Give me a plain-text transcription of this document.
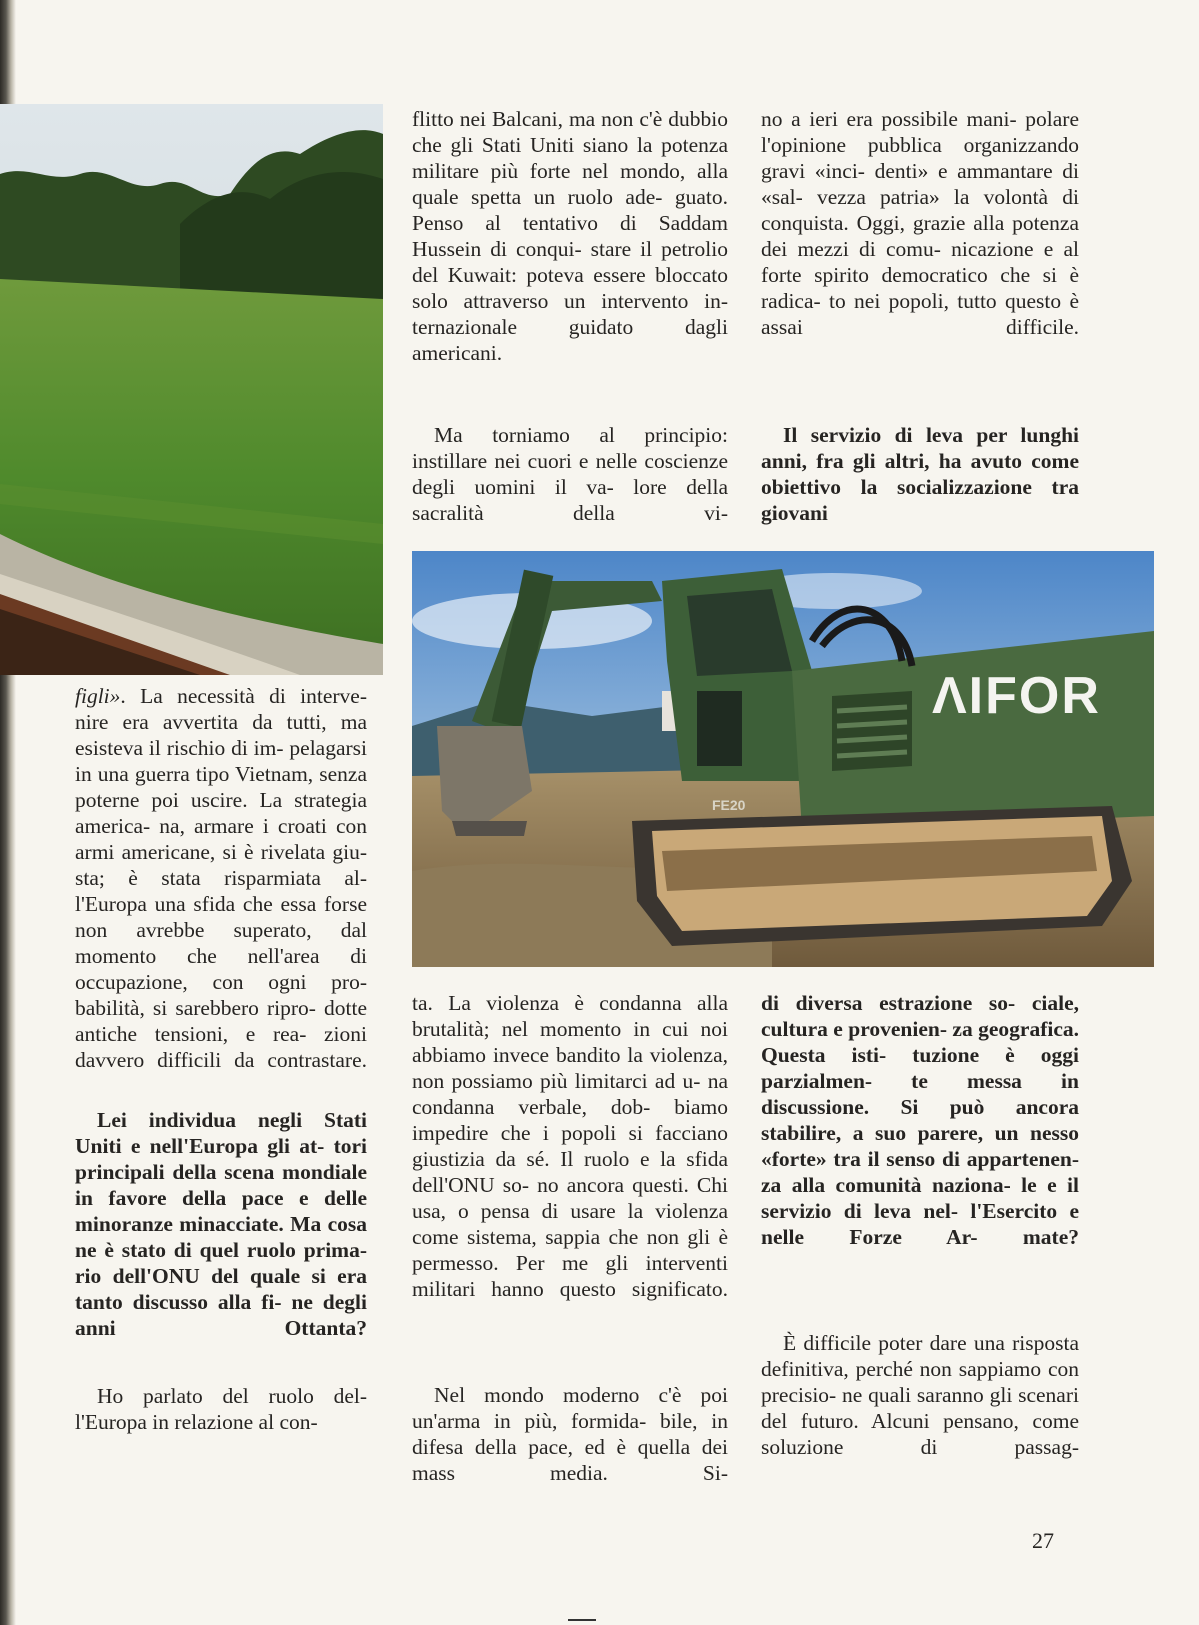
ΛIFOR
FE20

figli». La necessità di interve- nire era avvertita da tutti, ma esisteva il rischio di im- pelagarsi in una guerra tipo Vietnam, senza poterne poi uscire. La strategia america- na, armare i croati con armi americane, si è rivelata giu- sta; è stata risparmiata al- l'Europa una sfida che essa forse non avrebbe superato, dal momento che nell'area di occupazione, con ogni pro- babilità, si sarebbero ripro- dotte antiche tensioni, e rea- zioni davvero difficili da contrastare.

Lei individua negli Stati Uniti e nell'Europa gli at- tori principali della scena mondiale in favore della pace e delle minoranze minacciate. Ma cosa ne è stato di quel ruolo prima- rio dell'ONU del quale si era tanto discusso alla fi- ne degli anni Ottanta?

Ho parlato del ruolo del- l'Europa in relazione al con-

flitto nei Balcani, ma non c'è dubbio che gli Stati Uniti siano la potenza militare più forte nel mondo, alla quale spetta un ruolo ade- guato. Penso al tentativo di Saddam Hussein di conqui- stare il petrolio del Kuwait: poteva essere bloccato solo attraverso un intervento in- ternazionale guidato dagli americani.

Ma torniamo al principio: instillare nei cuori e nelle coscienze degli uomini il va- lore della sacralità della vi-

ta. La violenza è condanna alla brutalità; nel momento in cui noi abbiamo invece bandito la violenza, non possiamo più limitarci ad u- na condanna verbale, dob- biamo impedire che i popoli si facciano giustizia da sé. Il ruolo e la sfida dell'ONU so- no ancora questi. Chi usa, o pensa di usare la violenza come sistema, sappia che non gli è permesso. Per me gli interventi militari hanno questo significato.

Nel mondo moderno c'è poi un'arma in più, formida- bile, in difesa della pace, ed è quella dei mass media. Si-

no a ieri era possibile mani- polare l'opinione pubblica organizzando gravi «inci- denti» e ammantare di «sal- vezza patria» la volontà di conquista. Oggi, grazie alla potenza dei mezzi di comu- nicazione e al forte spirito democratico che si è radica- to nei popoli, tutto questo è assai difficile.

Il servizio di leva per lunghi anni, fra gli altri, ha avuto come obiettivo la socializzazione tra giovani

di diversa estrazione so- ciale, cultura e provenien- za geografica. Questa isti- tuzione è oggi parzialmen- te messa in discussione. Si può ancora stabilire, a suo parere, un nesso «forte» tra il senso di appartenen- za alla comunità naziona- le e il servizio di leva nel- l'Esercito e nelle Forze Ar- mate?

È difficile poter dare una risposta definitiva, perché non sappiamo con precisio- ne quali saranno gli scenari del futuro. Alcuni pensano, come soluzione di passag-

27
